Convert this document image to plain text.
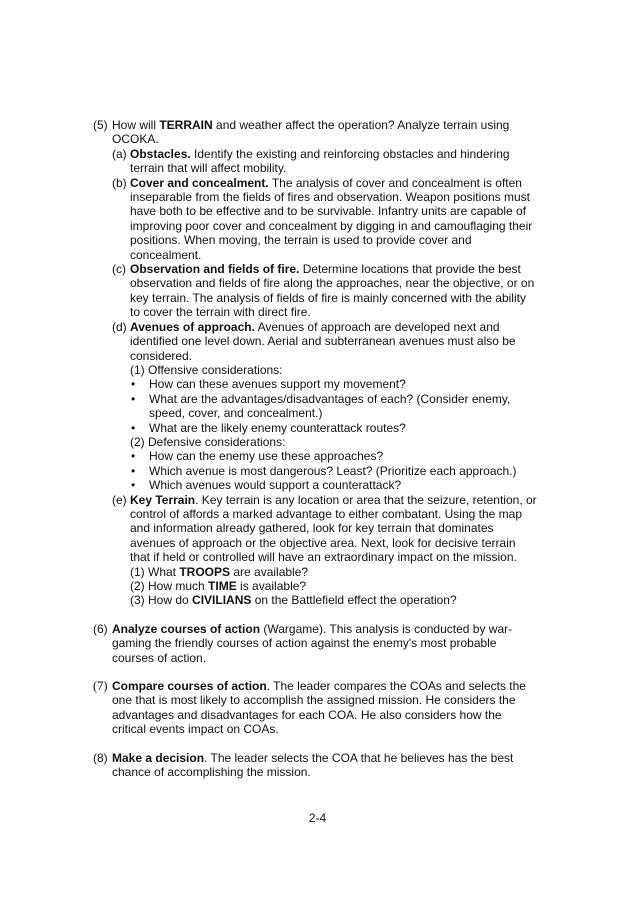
(5) How will TERRAIN and weather affect the operation? Analyze terrain using OCOKA.
(a) Obstacles. Identify the existing and reinforcing obstacles and hindering terrain that will affect mobility.
(b) Cover and concealment. The analysis of cover and concealment is often inseparable from the fields of fires and observation. Weapon positions must have both to be effective and to be survivable. Infantry units are capable of improving poor cover and concealment by digging in and camouflaging their positions. When moving, the terrain is used to provide cover and concealment.
(c) Observation and fields of fire. Determine locations that provide the best observation and fields of fire along the approaches, near the objective, or on key terrain. The analysis of fields of fire is mainly concerned with the ability to cover the terrain with direct fire.
(d) Avenues of approach. Avenues of approach are developed next and identified one level down. Aerial and subterranean avenues must also be considered.
(1) Offensive considerations:
• How can these avenues support my movement?
• What are the advantages/disadvantages of each? (Consider enemy, speed, cover, and concealment.)
• What are the likely enemy counterattack routes?
(2) Defensive considerations:
• How can the enemy use these approaches?
• Which avenue is most dangerous? Least? (Prioritize each approach.)
• Which avenues would support a counterattack?
(e) Key Terrain. Key terrain is any location or area that the seizure, retention, or control of affords a marked advantage to either combatant. Using the map and information already gathered, look for key terrain that dominates avenues of approach or the objective area. Next, look for decisive terrain that if held or controlled will have an extraordinary impact on the mission.
(1) What TROOPS are available?
(2) How much TIME is available?
(3) How do CIVILIANS on the Battlefield effect the operation?
(6) Analyze courses of action (Wargame). This analysis is conducted by war-gaming the friendly courses of action against the enemy's most probable courses of action.
(7) Compare courses of action. The leader compares the COAs and selects the one that is most likely to accomplish the assigned mission. He considers the advantages and disadvantages for each COA. He also considers how the critical events impact on COAs.
(8) Make a decision. The leader selects the COA that he believes has the best chance of accomplishing the mission.
2-4
